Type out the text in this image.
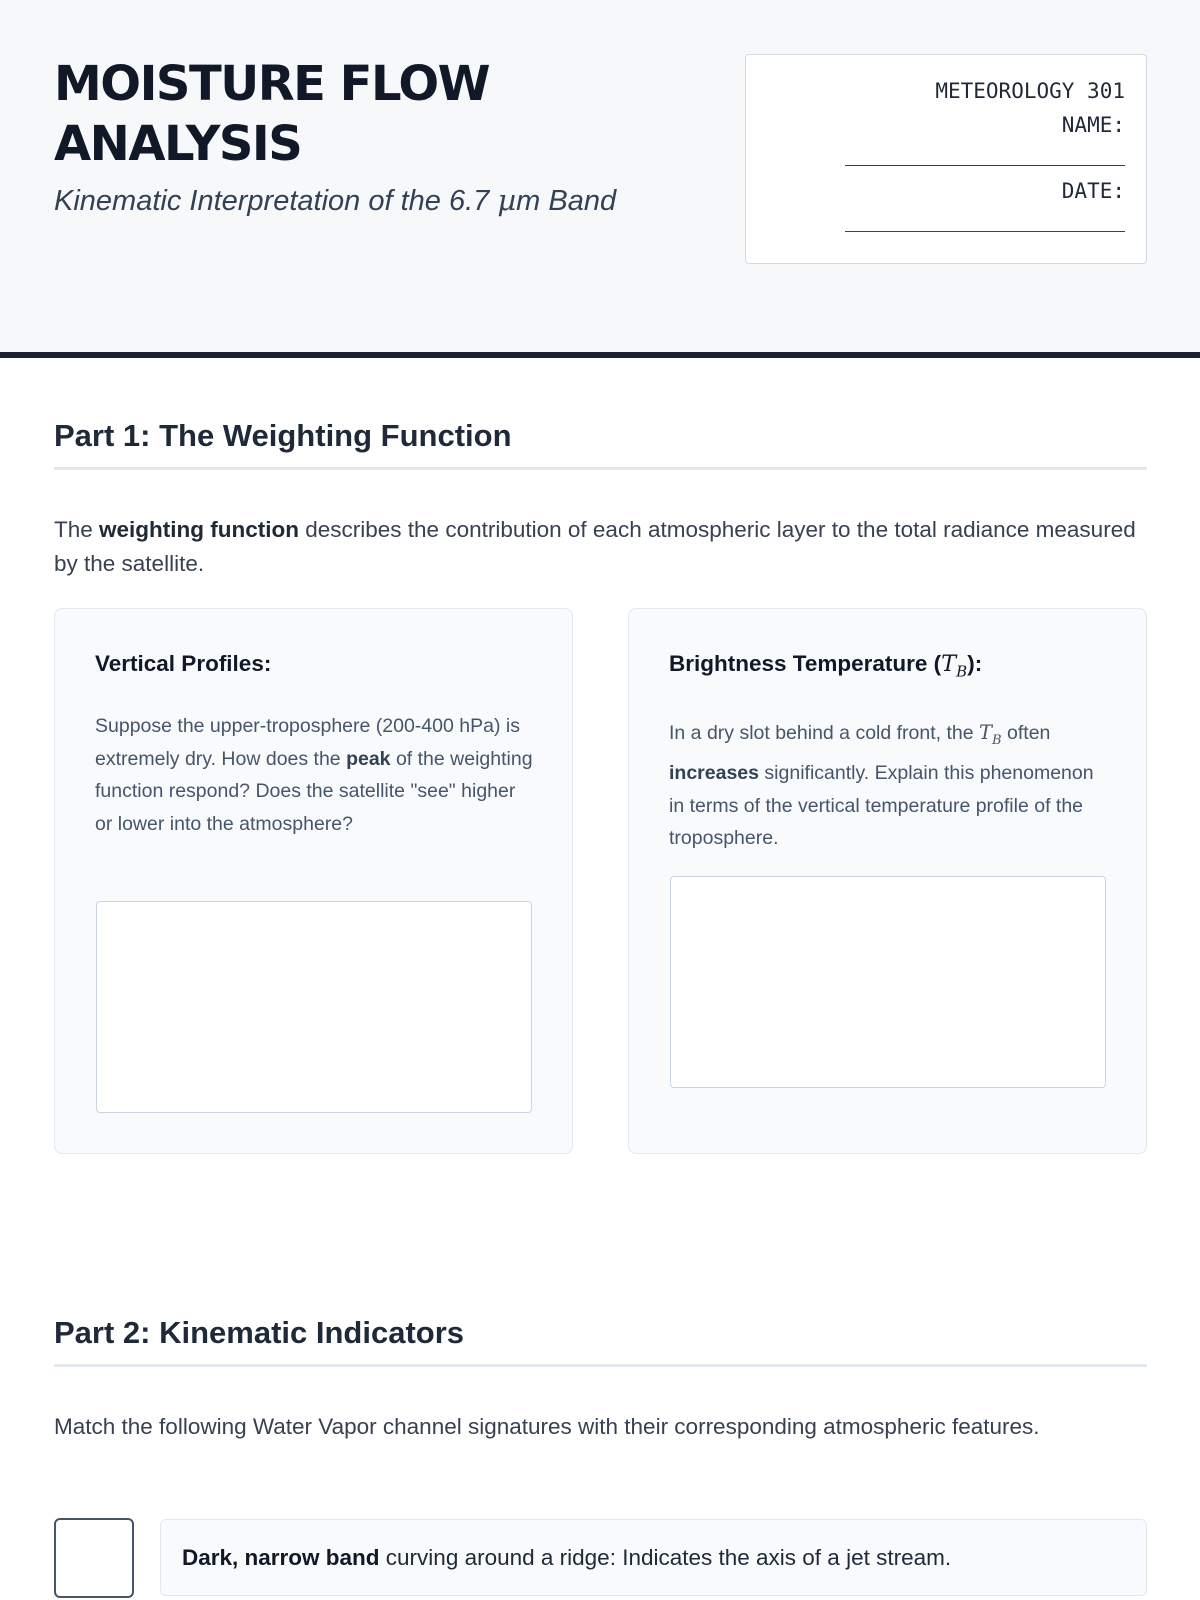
MOISTURE FLOW
ANALYSIS
Kinematic Interpretation of the 6.7 µm Band
METEOROLOGY 301
NAME:
DATE:
Part 1: The Weighting Function

The weighting function describes the contribution of each atmospheric layer to the total radiance measured by the satellite.

Vertical Profiles:

Suppose the upper-troposphere (200-400 hPa) is extremely dry. How does the peak of the weighting function respond? Does the satellite "see" higher or lower into the atmosphere?

Brightness Temperature $(T_B)$:

In a dry slot behind a cold front, the $T_B$ often increases significantly. Explain this phenomenon in terms of the vertical temperature profile of the troposphere.

Part 2: Kinematic Indicators

Match the following Water Vapor channel signatures with their corresponding atmospheric features.

Dark, narrow band curving around a ridge: Indicates the axis of a jet stream.
